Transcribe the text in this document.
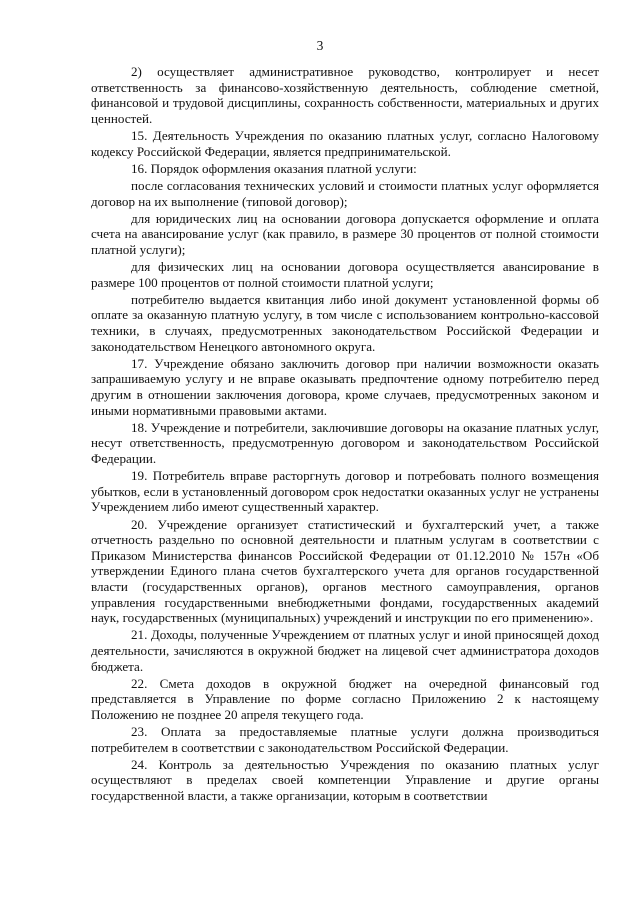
3

2) осуществляет административное руководство, контролирует и несет ответственность за финансово-хозяйственную деятельность, соблюдение сметной, финансовой и трудовой дисциплины, сохранность собственности, материальных и других ценностей.

15. Деятельность Учреждения по оказанию платных услуг, согласно Налоговому кодексу Российской Федерации, является предпринимательской.

16. Порядок оформления оказания платной услуги:

после согласования технических условий и стоимости платных услуг оформляется договор на их выполнение (типовой договор);

для юридических лиц на основании договора допускается оформление и оплата счета на авансирование услуг (как правило, в размере 30 процентов от полной стоимости платной услуги);

для физических лиц на основании договора осуществляется авансирование в размере 100 процентов от полной стоимости платной услуги;

потребителю выдается квитанция либо иной документ установленной формы об оплате за оказанную платную услугу, в том числе с использованием контрольно-кассовой техники, в случаях, предусмотренных законодательством Российской Федерации и законодательством Ненецкого автономного округа.

17. Учреждение обязано заключить договор при наличии возможности оказать запрашиваемую услугу и не вправе оказывать предпочтение одному потребителю перед другим в отношении заключения договора, кроме случаев, предусмотренных законом и иными нормативными правовыми актами.

18. Учреждение и потребители, заключившие договоры на оказание платных услуг, несут ответственность, предусмотренную договором и законодательством Российской Федерации.

19. Потребитель вправе расторгнуть договор и потребовать полного возмещения убытков, если в установленный договором срок недостатки оказанных услуг не устранены Учреждением либо имеют существенный характер.

20. Учреждение организует статистический и бухгалтерский учет, а также отчетность раздельно по основной деятельности и платным услугам в соответствии с Приказом Министерства финансов Российской Федерации от 01.12.2010 № 157н «Об утверждении Единого плана счетов бухгалтерского учета для органов государственной власти (государственных органов), органов местного самоуправления, органов управления государственными внебюджетными фондами, государственных академий наук, государственных (муниципальных) учреждений и инструкции по его применению».

21. Доходы, полученные Учреждением от платных услуг и иной приносящей доход деятельности, зачисляются в окружной бюджет на лицевой счет администратора доходов бюджета.

22. Смета доходов в окружной бюджет на очередной финансовый год представляется в Управление по форме согласно Приложению 2 к настоящему Положению не позднее 20 апреля текущего года.

23. Оплата за предоставляемые платные услуги должна производиться потребителем в соответствии с законодательством Российской Федерации.

24. Контроль за деятельностью Учреждения по оказанию платных услуг осуществляют в пределах своей компетенции Управление и другие органы государственной власти, а также организации, которым в соответствии
